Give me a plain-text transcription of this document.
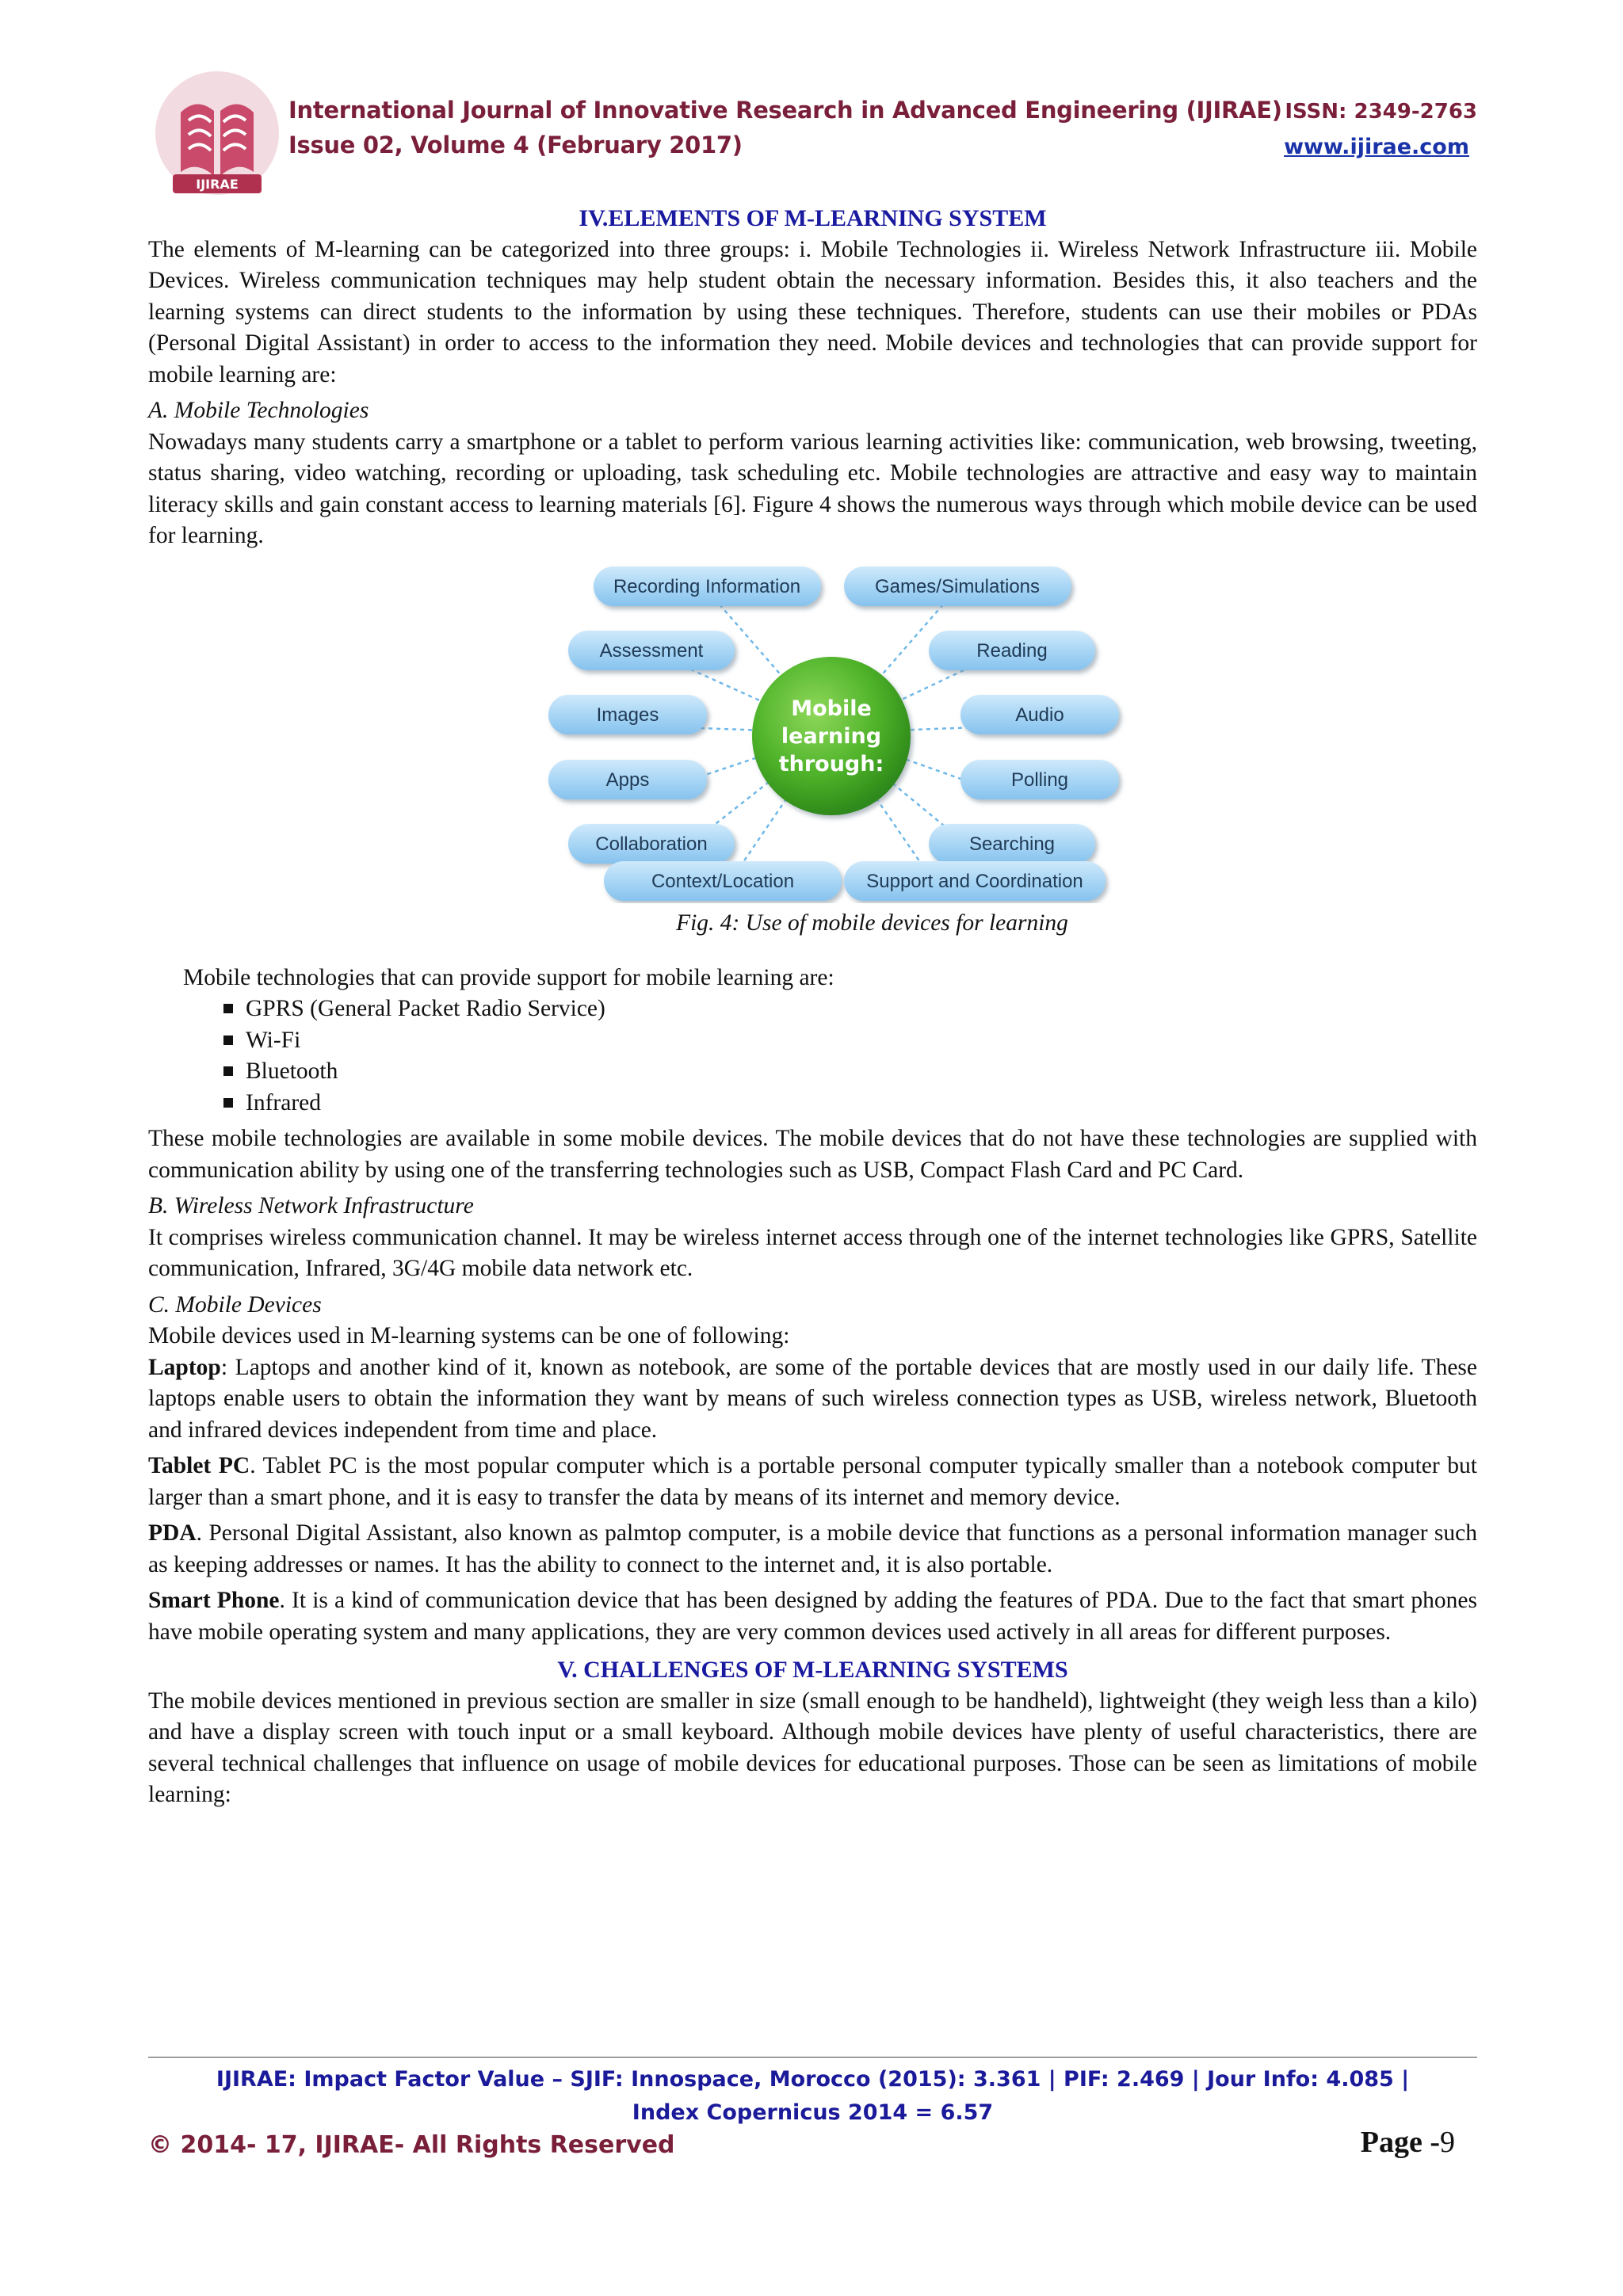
IJIRAE
International Journal of Innovative Research in Advanced Engineering (IJIRAE) ISSN: 2349-2763
Issue 02, Volume 4 (February 2017)	www.ijirae.com

IV.ELEMENTS OF M-LEARNING SYSTEM

The elements of M-learning can be categorized into three groups: i. Mobile Technologies ii. Wireless Network Infrastructure iii. Mobile Devices. Wireless communication techniques may help student obtain the necessary information. Besides this, it also teachers and the learning systems can direct students to the information by using these techniques. Therefore, students can use their mobiles or PDAs (Personal Digital Assistant) in order to access to the information they need. Mobile devices and technologies that can provide support for mobile learning are:

A. Mobile Technologies

Nowadays many students carry a smartphone or a tablet to perform various learning activities like: communication, web browsing, tweeting, status sharing, video watching, recording or uploading, task scheduling etc. Mobile technologies are attractive and easy way to maintain literacy skills and gain constant access to learning materials [6]. Figure 4 shows the numerous ways through which mobile device can be used for learning.

Recording Information	Games/Simulations
Assessment	Reading
Images	Audio
Apps	Polling
Collaboration	Searching
Context/Location	Support and Coordination
Mobile
learning
through:

Fig. 4: Use of mobile devices for learning

Mobile technologies that can provide support for mobile learning are:

GPRS (General Packet Radio Service)
Wi-Fi
Bluetooth
Infrared

These mobile technologies are available in some mobile devices. The mobile devices that do not have these technologies are supplied with communication ability by using one of the transferring technologies such as USB, Compact Flash Card and PC Card.

B. Wireless Network Infrastructure

It comprises wireless communication channel. It may be wireless internet access through one of the internet technologies like GPRS, Satellite communication, Infrared, 3G/4G mobile data network etc.

C. Mobile Devices

Mobile devices used in M-learning systems can be one of following:

Laptop: Laptops and another kind of it, known as notebook, are some of the portable devices that are mostly used in our daily life. These laptops enable users to obtain the information they want by means of such wireless connection types as USB, wireless network, Bluetooth and infrared devices independent from time and place.

Tablet PC. Tablet PC is the most popular computer which is a portable personal computer typically smaller than a notebook computer but larger than a smart phone, and it is easy to transfer the data by means of its internet and memory device.

PDA. Personal Digital Assistant, also known as palmtop computer, is a mobile device that functions as a personal information manager such as keeping addresses or names. It has the ability to connect to the internet and, it is also portable.

Smart Phone. It is a kind of communication device that has been designed by adding the features of PDA. Due to the fact that smart phones have mobile operating system and many applications, they are very common devices used actively in all areas for different purposes.

V. CHALLENGES OF M-LEARNING SYSTEMS

The mobile devices mentioned in previous section are smaller in size (small enough to be handheld), lightweight (they weigh less than a kilo) and have a display screen with touch input or a small keyboard. Although mobile devices have plenty of useful characteristics, there are several technical challenges that influence on usage of mobile devices for educational purposes. Those can be seen as limitations of mobile learning:

IJIRAE: Impact Factor Value – SJIF: Innospace, Morocco (2015): 3.361 | PIF: 2.469 | Jour Info: 4.085 |
Index Copernicus 2014 = 6.57
© 2014- 17, IJIRAE- All Rights Reserved	Page -9
